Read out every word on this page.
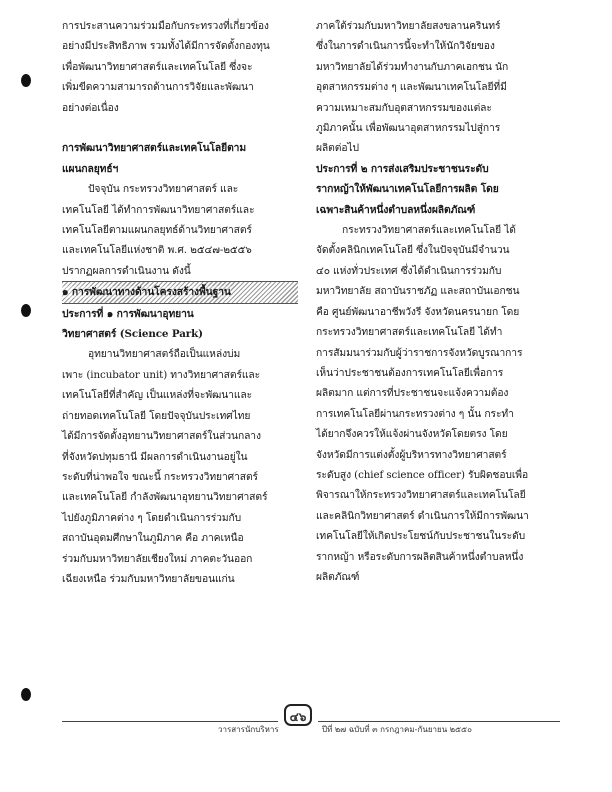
การประสานความร่วมมือกับกระทรวงที่เกี่ยวข้อง

อย่างมีประสิทธิภาพ รวมทั้งได้มีการจัดตั้งกองทุน

เพื่อพัฒนาวิทยาศาสตร์และเทคโนโลยี ซึ่งจะ

เพิ่มขีดความสามารถด้านการวิจัยและพัฒนา

อย่างต่อเนื่อง

การพัฒนาวิทยาศาสตร์และเทคโนโลยีตาม

แผนกลยุทธ์ฯ

ปัจจุบัน กระทรวงวิทยาศาสตร์ และ

เทคโนโลยี ได้ทำการพัฒนาวิทยาศาสตร์และ

เทคโนโลยีตามแผนกลยุทธ์ด้านวิทยาศาสตร์

และเทคโนโลยีแห่งชาติ พ.ศ. ๒๕๔๗-๒๕๕๖

ปรากฏผลการดำเนินงาน ดังนี้

๑ การพัฒนาทางด้านโครงสร้างพื้นฐาน

ประการที่ ๑ การพัฒนาอุทยาน

วิทยาศาสตร์ (Science Park)

อุทยานวิทยาศาสตร์ถือเป็นแหล่งบ่ม

เพาะ (incubator unit) ทางวิทยาศาสตร์และ

เทคโนโลยีที่สำคัญ เป็นแหล่งที่จะพัฒนาและ

ถ่ายทอดเทคโนโลยี โดยปัจจุบันประเทศไทย

ได้มีการจัดตั้งอุทยานวิทยาศาสตร์ในส่วนกลาง

ที่จังหวัดปทุมธานี มีผลการดำเนินงานอยู่ใน

ระดับที่น่าพอใจ ขณะนี้ กระทรวงวิทยาศาสตร์

และเทคโนโลยี กำลังพัฒนาอุทยานวิทยาศาสตร์

ไปยังภูมิภาคต่าง ๆ โดยดำเนินการร่วมกับ

สถาบันอุดมศึกษาในภูมิภาค คือ ภาคเหนือ

ร่วมกับมหาวิทยาลัยเชียงใหม่ ภาคตะวันออก

เฉียงเหนือ ร่วมกับมหาวิทยาลัยขอนแก่น

ภาคใต้ร่วมกับมหาวิทยาลัยสงขลานครินทร์

ซึ่งในการดำเนินการนี้จะทำให้นักวิจัยของ

มหาวิทยาลัยได้ร่วมทำงานกับภาคเอกชน นัก

อุตสาหกรรมต่าง ๆ และพัฒนาเทคโนโลยีที่มี

ความเหมาะสมกับอุตสาหกรรมของแต่ละ

ภูมิภาคนั้น เพื่อพัฒนาอุตสาหกรรมไปสู่การ

ผลิตต่อไป

ประการที่ ๒ การส่งเสริมประชาชนระดับ

รากหญ้าให้พัฒนาเทคโนโลยีการผลิต โดย

เฉพาะสินค้าหนึ่งตำบลหนึ่งผลิตภัณฑ์

กระทรวงวิทยาศาสตร์และเทคโนโลยี ได้

จัดตั้งคลินิกเทคโนโลยี ซึ่งในปัจจุบันมีจำนวน

๔๐ แห่งทั่วประเทศ ซึ่งได้ดำเนินการร่วมกับ

มหาวิทยาลัย สถาบันราชภัฏ และสถาบันเอกชน

คือ ศูนย์พัฒนาอาชีพวังรี จังหวัดนครนายก โดย

กระทรวงวิทยาศาสตร์และเทคโนโลยี ได้ทำ

การสัมมนาร่วมกับผู้ว่าราชการจังหวัดบูรณาการ

เห็นว่าประชาชนต้องการเทคโนโลยีเพื่อการ

ผลิตมาก แต่การที่ประชาชนจะแจ้งความต้อง

การเทคโนโลยีผ่านกระทรวงต่าง ๆ นั้น กระทำ

ได้ยากจึงควรให้แจ้งผ่านจังหวัดโดยตรง โดย

จังหวัดมีการแต่งตั้งผู้บริหารทางวิทยาศาสตร์

ระดับสูง (chief science officer) รับผิดชอบเพื่อ

พิจารณาให้กระทรวงวิทยาศาสตร์และเทคโนโลยี

และคลินิกวิทยาศาสตร์ ดำเนินการให้มีการพัฒนา

เทคโนโลยีให้เกิดประโยชน์กับประชาชนในระดับ

รากหญ้า หรือระดับการผลิตสินค้าหนึ่งตำบลหนึ่ง

ผลิตภัณฑ์

๔๖
วารสารนักบริหาร	ปีที่ ๒๗ ฉบับที่ ๓ กรกฎาคม-กันยายน ๒๕๕๐
